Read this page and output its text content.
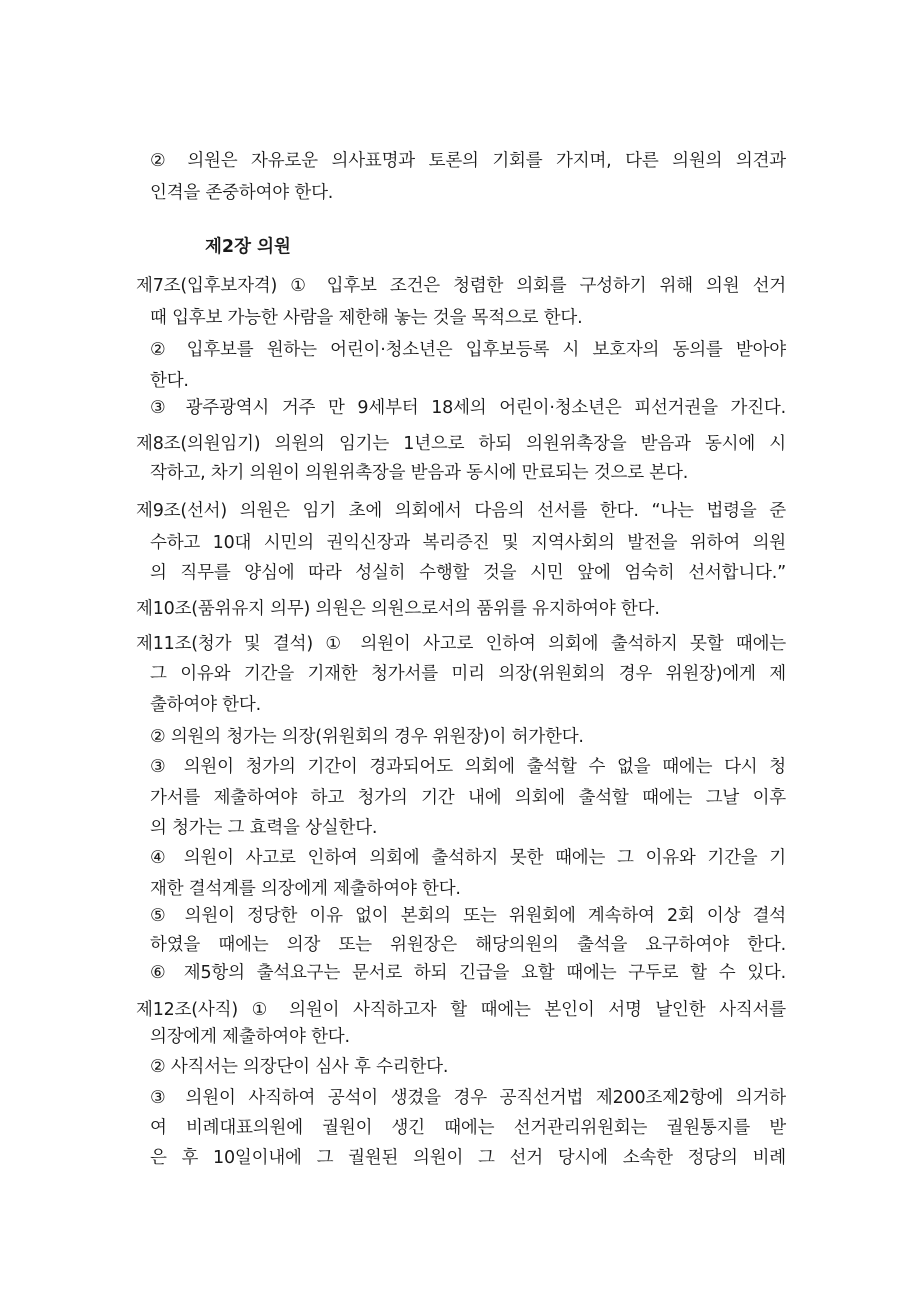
② 의원은 자유로운 의사표명과 토론의 기회를 가지며, 다른 의원의 의견과
인격을 존중하여야 한다.
제2장 의원
제7조(입후보자격) ① 입후보 조건은 청렴한 의회를 구성하기 위해 의원 선거
때 입후보 가능한 사람을 제한해 놓는 것을 목적으로 한다.
② 입후보를 원하는 어린이·청소년은 입후보등록 시 보호자의 동의를 받아야
한다.
③ 광주광역시 거주 만 9세부터 18세의 어린이·청소년은 피선거권을 가진다.
제8조(의원임기) 의원의 임기는 1년으로 하되 의원위촉장을 받음과 동시에 시
작하고, 차기 의원이 의원위촉장을 받음과 동시에 만료되는 것으로 본다.
제9조(선서) 의원은 임기 초에 의회에서 다음의 선서를 한다. “나는 법령을 준
수하고 10대 시민의 권익신장과 복리증진 및 지역사회의 발전을 위하여 의원
의 직무를 양심에 따라 성실히 수행할 것을 시민 앞에 엄숙히 선서합니다.”
제10조(품위유지 의무) 의원은 의원으로서의 품위를 유지하여야 한다.
제11조(청가 및 결석) ① 의원이 사고로 인하여 의회에 출석하지 못할 때에는
그 이유와 기간을 기재한 청가서를 미리 의장(위원회의 경우 위원장)에게 제
출하여야 한다.
② 의원의 청가는 의장(위원회의 경우 위원장)이 허가한다.
③ 의원이 청가의 기간이 경과되어도 의회에 출석할 수 없을 때에는 다시 청
가서를 제출하여야 하고 청가의 기간 내에 의회에 출석할 때에는 그날 이후
의 청가는 그 효력을 상실한다.
④ 의원이 사고로 인하여 의회에 출석하지 못한 때에는 그 이유와 기간을 기
재한 결석계를 의장에게 제출하여야 한다.
⑤ 의원이 정당한 이유 없이 본회의 또는 위원회에 계속하여 2회 이상 결석
하였을 때에는 의장 또는 위원장은 해당의원의 출석을 요구하여야 한다.
⑥ 제5항의 출석요구는 문서로 하되 긴급을 요할 때에는 구두로 할 수 있다.
제12조(사직) ① 의원이 사직하고자 할 때에는 본인이 서명 날인한 사직서를
의장에게 제출하여야 한다.
② 사직서는 의장단이 심사 후 수리한다.
③ 의원이 사직하여 공석이 생겼을 경우 공직선거법 제200조제2항에 의거하
여 비례대표의원에 궐원이 생긴 때에는 선거관리위원회는 궐원통지를 받
은 후 10일이내에 그 궐원된 의원이 그 선거 당시에 소속한 정당의 비례
